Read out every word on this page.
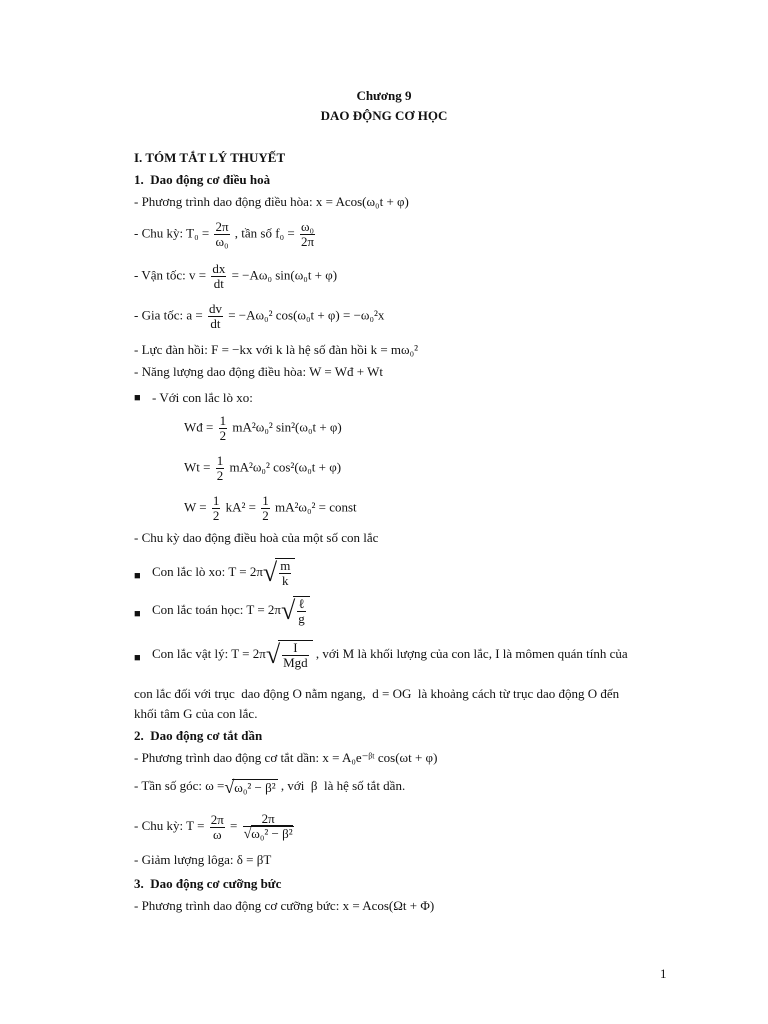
Chương 9
DAO ĐỘNG CƠ HỌC
I. TÓM TẮT LÝ THUYẾT
1.  Dao động cơ điều hoà
- Phương trình dao động điều hòa: x = Acos(ω₀t + φ)
- Chu kỳ: $T_0 = \frac{2\pi}{\text{ω₀}}$ , tần số $f_0 = \frac{\text{ω₀}}{2\pi}$
- Vận tốc: $v = \frac{dx}{dt} = -A\omega_0$ sin(ω₀t + φ)
- Gia tốc: $a = \frac{dv}{dt} = -A\omega_0^2$ cos(ω₀t + φ) = −ω₀²x
- Lực đàn hồi: F = −kx với k là hệ số đàn hồi k = mω₀²
- Năng lượng dao động điều hòa: W = Wđ + Wt
■ - Với con lắc lò xo:
Wđ = $\frac{1}{2} mA^2\omega_0^2$ sin²(ω₀t + φ)
$Wt = \frac{1}{2} mA^2\omega_0^2$ cos²(ω₀t + φ)
$W = \frac{1}{2} kA^2 = \frac{1}{2} mA^2\omega_0^2$ = const
- Chu kỳ dao động điều hoà của một số con lắc
■ Con lắc lò xo: $T = 2\pi√ \frac{m}{k}$
■ Con lắc toán học: T = 2π√ ℓ
g
■ Con lắc vật lý: T = 2π√	I
Mgd
, với M là khối lượng của con lắc, I là mômen quán tính của
con lắc đối với trục  dao động O nằm ngang,  d = OG  là khoảng cách từ trục dao động O đến
khối tâm G của con lắc.
2.  Dao động cơ tắt dần
- Phương trình dao động cơ tắt dần: x = A₀e⁻ᵝᵗ cos(ωt + φ)
- Tần số góc: ω =√ω₀² − β² , với  β  là hệ số tắt dần.
- Chu kỳ: $T = \frac{2\pi}{\omega} = \frac{2\pi}{\text{√ω₀² − β²}}$
- Giảm lượng lôga: δ = βT
3.  Dao động cơ cưỡng bức
- Phương trình dao động cơ cưỡng bức: x = Acos(Ωt + Φ)
1
